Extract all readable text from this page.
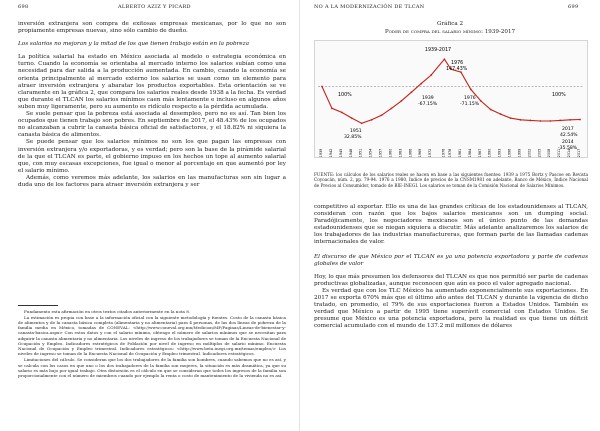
698	ALBERTO AZIZ Y PICARD

inversión extranjera son compra de exitosas empresas mexicanas, por lo que no son propiamente empresas nuevas, sino sólo cambio de dueño.

Los salarios no mejoran y la mitad de los que tienen trabajo están en la pobreza

La política salarial ha estado en México asociada al modelo o estrategia económica en turno. Cuando la economía se orientaba al mercado interno los salarios subían como una necesidad para dar salida a la producción aumentada. En cambio, cuando la economía se orienta principalmente al mercado externo los salarios se usan como un elemento para atraer inversión extranjera y abaratar los productos exportables. Esta orientación se ve claramente en la gráfica 2, que compara los salarios reales desde 1938 a la fecha. Es verdad que durante el TLCAN los salarios mínimos caen más lentamente e incluso en algunos años suben muy ligeramente, pero su aumento es ridículo respecto a la pérdida acumulada.

Se suele pensar que la pobreza está asociada al desempleo, pero no es así. Tan bien los ocupados que tienen trabajo son pobres. En septiembre de 2017, el 48.43% de los ocupados no alcanzaban a cubrir la canasta básica oficial de satisfactores, y el 18.82% ni siquiera la canasta básica de alimentos.

Se puede pensar que los salarios mínimos no son los que pagan las empresas con inversión extranjera y/o exportadoras, y es verdad; pero son la base de la pirámide salarial de la que el TLCAN es parte, el gobierno impuso en los hechos un tope al aumento salarial que, con muy escasas excepciones, fue igual o menor al porcentaje en que aumentó por ley el salario mínimo.

Además, como veremos más adelante, los salarios en las manufacturas son sin lugar a duda uno de los factores para atraer inversión extranjera y ser

Fundamento esta afirmación en otros textos citados anteriormente en la nota 8.

La estimación es propia con base a la información oficial con la siguiente metodología y fuentes. Costo de la canasta básica de alimentos y de la canasta básica completa (alimentaria y no alimentaria) para 4 personas, de las dos líneas de pobreza de la familia media en México, tomadas de CONEVAL: <http://www.coneval.org.mx/Medicion/MP/Paginas/Lineas-de-bienestar-y-canasta-basica.aspx> Con estos datos y con el salario mínimo, obtengo el número de salarios mínimos que se necesitan para adquirir la canasta alimentaria y no alimentaria. Los niveles de ingreso de los trabajadores se toman de la Encuesta Nacional de Ocupación y Empleo. Indicadores estratégicos de Población por nivel de ingreso en múltiplos de salario mínimo. Encuesta Nacional de Ocupación y Empleo trimestral. Indicadores estratégicos: <http://www.beta.inegi.org.mx/temas/empleo/> Los niveles de ingreso se toman de la Encuesta Nacional de Ocupación y Empleo trimestral. Indicadores estratégicos.

Limitaciones del cálculo. Se consideran que los dos trabajadores de la familia son hombres, cuando sabemos que no es así, y se calcula con los casos en que uno o los dos trabajadores de la familia son mujeres, la situación es más dramática, ya que su salario es más bajo por igual trabajo. Otra distorsión es el cálculo en que se consideran que todos los ingresos de la familia son proporcionalmente con el número de miembros cuando por ejemplo la renta o costo de mantenimiento de la vivienda no es así.

NO A LA MODERNIZACIÓN DE TLCAN	699
Gráfica 2
Poder de compra del salario mínimo: 1939-2017
1939 1942 1945 1948 1951 1954 1957 1960 1963 1966 1969 1972	1976 1978 1981 1984 1987 1990 1993 1996 1999 2002 2005 2008 2011 2014 2017
1939-2017
1976
147.43%
100%	100%
1939
-67.15%
1976
-71.15%
1951
32.85%
2017
42.54%
2014
-35.58%
FUENTE: los cálculos de los salarios reales se hacen en base a las siguientes fuentes: 1939 a 1975 Bortz y Pascoe en Revista Coyoacán, núm. 2, pp. 79-94. 1976 a 1980, Índice de precios de la CNSM1981 en adelante, Banco de México, Índice Nacional de Precios al Consumidor, tomado de BIE-INEGI. Los salarios se toman de la Comisión Nacional de Salarios Mínimos.

competitivo al exportar. Ello es una de las grandes críticas de los estadounidenses al TLCAN, consideran con razón que los bajos salarios mexicanos son un dumping social. Paradójicamente, los negociadores mexicanos son el único punto de las demandas estadounidenses que se niegan siquiera a discutir. Más adelante analizaremos los salarios de los trabajadores de las industrias manufactureras, que forman parte de las llamadas cadenas internacionales de valor.

El discurso de que México por el TLCAN es ya una potencia exportadora y parte de cadenas globales de valor

Hoy, lo que más presumen los defensores del TLCAN es que nos permitió ser parte de cadenas productivas globalizadas, aunque reconocen que aún es poco el valor agregado nacional.

Es verdad que con los TLC México ha aumentado exponencialmente sus exportaciones. En 2017 se exporta 670% más que el último año antes del TLCAN y durante la vigencia de dicho tratado, en promedio, el 79% de sus exportaciones fueron a Estados Unidos. También es verdad que México a partir de 1995 tiene superávit comercial con Estados Unidos. Se presume que México es una potencia exportadora, pero la realidad es que tiene un déficit comercial acumulado con el mundo de 137.2 mil millones de dólares
